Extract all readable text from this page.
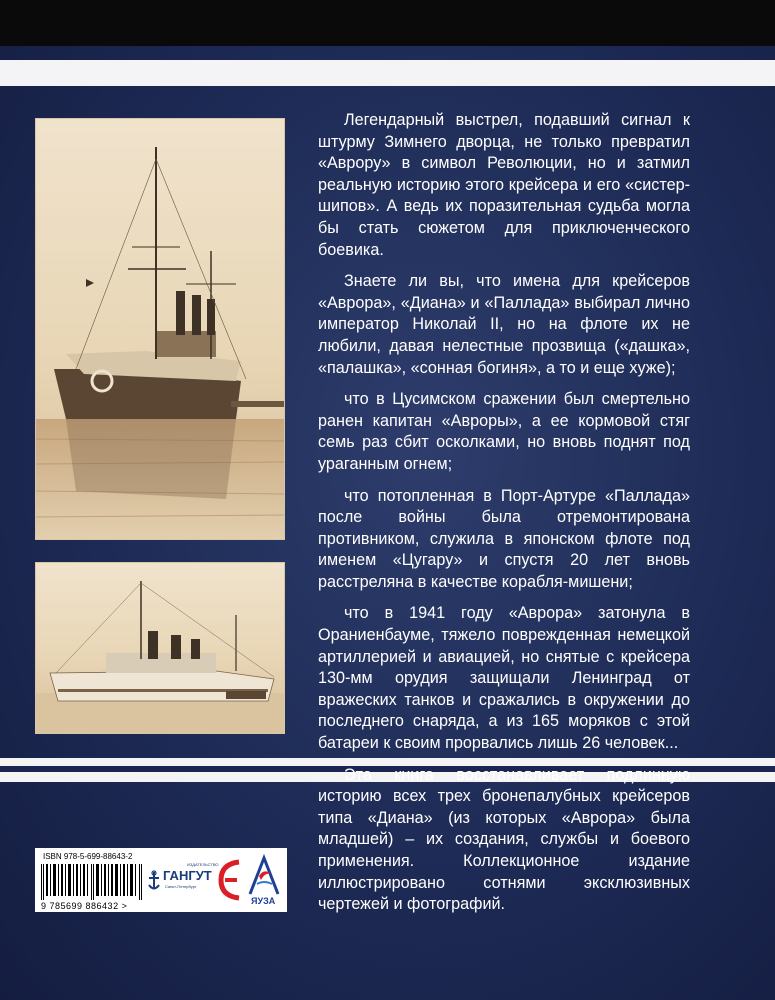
Легендарный выстрел, подавший сигнал к штурму Зимнего дворца, не только превратил «Аврору» в символ Революции, но и затмил реальную историю этого крейсера и его «систер-шипов». А ведь их поразительная судьба могла бы стать сюжетом для приключенческого боевика.

Знаете ли вы, что имена для крейсеров «Аврора», «Диана» и «Паллада» выбирал лично император Николай II, но на флоте их не любили, давая нелестные прозвища («дашка», «палашка», «сонная богиня», а то и еще хуже);

что в Цусимском сражении был смертельно ранен капитан «Авроры», а ее кормовой стяг семь раз сбит осколками, но вновь поднят под ураганным огнем;

что потопленная в Порт-Артуре «Паллада» после войны была отремонтирована противником, служила в японском флоте под именем «Цугару» и спустя 20 лет вновь расстреляна в качестве корабля-мишени;

что в 1941 году «Аврора» затонула в Ораниенбауме, тяжело поврежденная немецкой артиллерией и авиацией, но снятые с крейсера 130-мм орудия защищали Ленинград от вражеских танков и сражались в окружении до последнего снаряда, а из 165 моряков с этой батареи к своим прорвались лишь 26 человек...

Эта книга восстанавливает подлинную историю всех трех бронепалубных крейсеров типа «Диана» (из которых «Аврора» была младшей) – их создания, службы и боевого применения. Коллекционное издание иллюстрировано сотнями эксклюзивных чертежей и фотографий.

ISBN 978-5-699-88643-2
9 785699 886432 >
ИЗДАТЕЛЬСТВО
ГАНГУТ
Санкт-Петербург
ЯУЗА
